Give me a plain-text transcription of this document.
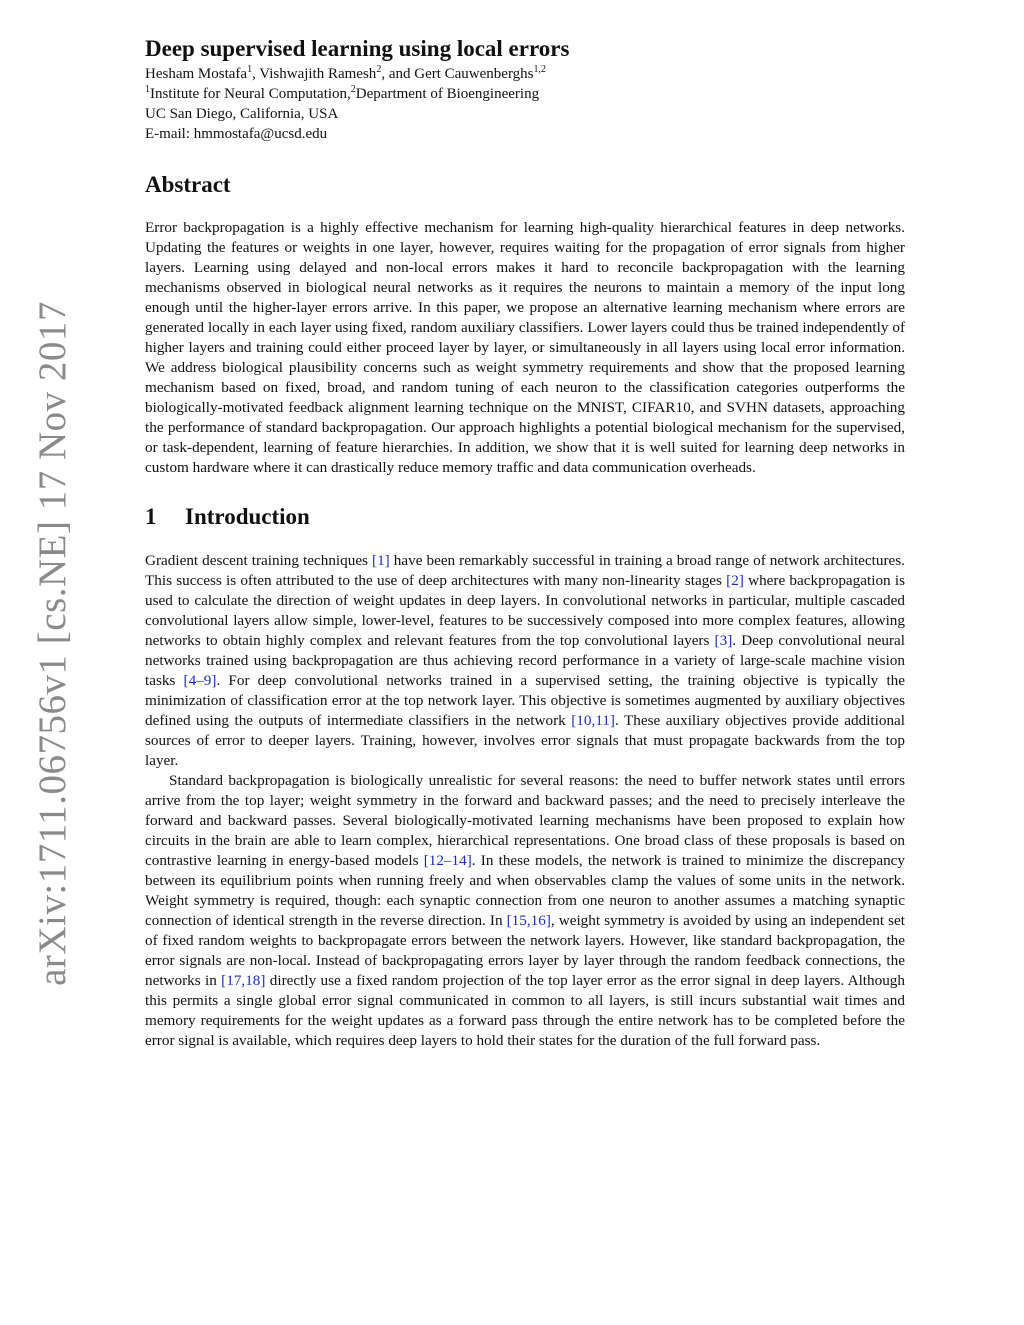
arXiv:1711.06756v1 [cs.NE] 17 Nov 2017
Deep supervised learning using local errors
Hesham Mostafa$^1$, Vishwajith Ramesh$^2$, and Gert Cauwenberghs$^{1,2}$
$^1$Institute for Neural Computation,$^2$Department of Bioengineering
UC San Diego, California, USA
E-mail: hmmostafa@ucsd.edu
Abstract

Error backpropagation is a highly effective mechanism for learning high-quality hierarchical features in deep networks. Updating the features or weights in one layer, however, requires waiting for the propagation of error signals from higher layers. Learning using delayed and non-local errors makes it hard to reconcile backpropagation with the learning mechanisms observed in biological neural networks as it requires the neurons to maintain a memory of the input long enough until the higher-layer errors arrive. In this paper, we propose an alternative learning mechanism where errors are generated locally in each layer using fixed, random auxiliary classifiers. Lower layers could thus be trained independently of higher layers and training could either proceed layer by layer, or simultaneously in all layers using local error information. We address biological plausibility concerns such as weight symmetry requirements and show that the proposed learning mechanism based on fixed, broad, and random tuning of each neuron to the classification categories outperforms the biologically-motivated feedback alignment learning technique on the MNIST, CIFAR10, and SVHN datasets, approaching the performance of standard backpropagation. Our approach highlights a potential biological mechanism for the supervised, or task-dependent, learning of feature hierarchies. In addition, we show that it is well suited for learning deep networks in custom hardware where it can drastically reduce memory traffic and data communication overheads.

1 Introduction

Gradient descent training techniques [1] have been remarkably successful in training a broad range of network architectures. This success is often attributed to the use of deep architectures with many non-linearity stages [2] where backpropagation is used to calculate the direction of weight updates in deep layers. In convolutional networks in particular, multiple cascaded convolutional layers allow simple, lower-level, features to be successively composed into more complex features, allowing networks to obtain highly complex and relevant features from the top convolutional layers [3]. Deep convolutional neural networks trained using backpropagation are thus achieving record performance in a variety of large-scale machine vision tasks [4–9]. For deep convolutional networks trained in a supervised setting, the training objective is typically the minimization of classification error at the top network layer. This objective is sometimes augmented by auxiliary objectives defined using the outputs of intermediate classifiers in the network [10,11]. These auxiliary objectives provide additional sources of error to deeper layers. Training, however, involves error signals that must propagate backwards from the top layer.

Standard backpropagation is biologically unrealistic for several reasons: the need to buffer network states until errors arrive from the top layer; weight symmetry in the forward and backward passes; and the need to precisely interleave the forward and backward passes. Several biologically-motivated learning mechanisms have been proposed to explain how circuits in the brain are able to learn complex, hierarchical representations. One broad class of these proposals is based on contrastive learning in energy-based models [12–14]. In these models, the network is trained to minimize the discrepancy between its equilibrium points when running freely and when observables clamp the values of some units in the network. Weight symmetry is required, though: each synaptic connection from one neuron to another assumes a matching synaptic connection of identical strength in the reverse direction. In [15,16], weight symmetry is avoided by using an independent set of fixed random weights to backpropagate errors between the network layers. However, like standard backpropagation, the error signals are non-local. Instead of backpropagating errors layer by layer through the random feedback connections, the networks in [17,18] directly use a fixed random projection of the top layer error as the error signal in deep layers. Although this permits a single global error signal communicated in common to all layers, is still incurs substantial wait times and memory requirements for the weight updates as a forward pass through the entire network has to be completed before the error signal is available, which requires deep layers to hold their states for the duration of the full forward pass.
